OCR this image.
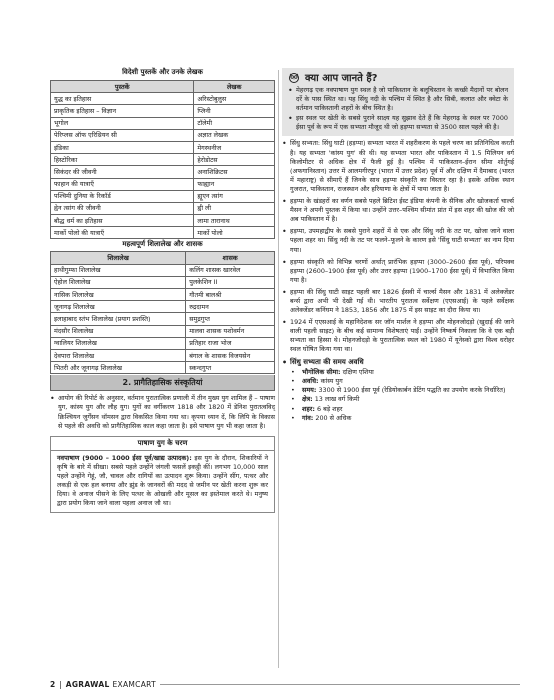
विदेशी पुस्तकें और उनके लेखक
पुस्तकें	लेखक
युद्ध का इतिहास	अरिस्टोबुलुस
प्राकृतिक इतिहास – विज्ञान	प्लिनी
भूगोल	टॉलेमी
पेरिप्लस ऑफ एरिथ्रियन सी	अज्ञात लेखक
इंडिका	मेगस्थनीज
हिस्टोरिका	हेरोडोटस
सिकंदर की जीवनी	अनाशिक्रिटस
फाहान की यात्राएँ	फाह्यान
पश्चिमी दुनिया के रिकॉर्ड	ह्यूएन त्सांग
ह्वेन त्सांग की जीवनी	ह्वी ली
बौद्ध धर्म का इतिहास	लामा तारानाथ
मार्को पोलो की यात्राएँ	मार्को पोलो
महत्वपूर्ण शिलालेख और शासक
शिलालेख	शासक
हाथीगुम्फा शिलालेख	कलिंग शासक खारवेल
ऐहोल शिलालेख	पुलकेशिन II
नासिक शिलालेख	गौतमी बालश्री
जूनागढ़ शिलालेख	रुद्रदामन
इलाहाबाद स्तंभ शिलालेख (प्रयाग प्रशस्ति)	समुद्रगुप्त
मंदसौर शिलालेख	मालवा शासक यशोवर्मन
ग्वालियर शिलालेख	प्रतिहार राजा भोज
देवपारा शिलालेख	बंगाल के शासक विजयसेन
भितरी और जूनागढ़ शिलालेख	स्कन्दगुप्त
2. प्रागैतिहासिक संस्कृतियां
• आयोग की रिपोर्ट के अनुसार, वर्तमान पुरातात्विक प्रणाली में तीन मुख्य युग शामिल हैं – पाषाण युग, कांस्य युग और लौह युग। युगों का वर्गीकरण 1818 और 1820 में डेनिश पुरातत्वविद् क्रिश्चियन जुर्गेंसन थॉमसन द्वारा विकसित किया गया था। कृपया ध्यान दें, कि लिपि के विकास से पहले की अवधि को प्रागैतिहासिक काल कहा जाता है। इसे पाषाण युग भी कहा जाता है।
पाषाण युग के चरण

नवपाषाण (9000 – 1000 ईसा पूर्व/खाद्य उत्पादक): इस युग के दौरान, शिकारियों ने कृषि के बारे में सीखा। सबसे पहले उन्होंने जंगली फसलें इकट्ठी कीं। लगभग 10,000 साल पहले उन्होंने गेहूं, जौ, चावल और रागियों का उत्पादन शुरू किया। उन्होंने सींग, पत्थर और लकड़ी से एक हल बनाया और झुंड के जानवरों की मदद से जमीन पर खेती करना शुरू कर दिया। वे अनाज पीसने के लिए पत्थर के ओखली और मूसल का इस्तेमाल करते थे। मनुष्य द्वारा प्रयोग किया जाने वाला पहला अनाज जौ था।

क्या आप जानते हैं?
• मेहरगढ़ एक नवपाषाण युग स्थल है जो पाकिस्तान के बलूचिस्तान के कच्छी मैदानों पर बोलन दर्रे के पास स्थित था। यह सिंधु नदी के पश्चिम में स्थित है और सिबी, कलात और क्वेटा के वर्तमान पाकिस्तानी शहरों के बीच स्थित है।
• इस स्थल पर खेती के सबसे पुराने साक्ष्य यह सुझाव देते हैं कि मेहरगढ़ के स्थल पर 7000 ईसा पूर्व के रूप में एक सभ्यता मौजूद थी जो हड़प्पा सभ्यता से 3500 साल पहले की है।
• सिंधु सभ्यता: सिंधु घाटी (हड़प्पा) सभ्यता भारत में शहरीकरण के पहले चरण का प्रतिनिधित्व करती है। यह सभ्यता 'कांस्य युग' की थी। यह सभ्यता भारत और पाकिस्तान में 1.5 मिलियन वर्ग किलोमीटर से अधिक क्षेत्र में फैली हुई है। पश्चिम में पाकिस्तान–ईरान सीमा शोर्तुगई (अफगानिस्तान) उत्तर में आलमगीरपुर (भारत में उत्तर प्रदेश) पूर्व में और दक्षिण में दैमाबाद (भारत में महाराष्ट्र) से सीमाएँ हैं जिनके साथ हड़प्पा संस्कृति का विस्तार रहा है। इसके अधिक स्थान गुजरात, पाकिस्तान, राजस्थान और हरियाणा के क्षेत्रों में पाया जाता है।
• हड़प्पा के खंडहरों का वर्णन सबसे पहले ब्रिटिश ईस्ट इंडिया कंपनी के सैनिक और खोजकर्ता चार्ल्स मैसन ने अपनी पुस्तक में किया था। उन्होंने उत्तर–पश्चिम सीमांत प्रांत में इस शहर की खोज की जो अब पाकिस्तान में है।
• हड़प्पा, उपमहाद्वीप के सबसे पुराने शहरों में से एक और सिंधु नदी के तट पर, खोजा जाने वाला पहला शहर था। सिंधु नदी के तट पर फलने–फूलने के कारण इसे 'सिंधु घाटी सभ्यता' का नाम दिया गया।
• हड़प्पा संस्कृति को विभिन्न चरणों अर्थात् प्रारंभिक हड़प्पा (3000–2600 ईसा पूर्व), परिपक्व हड़प्पा (2600–1900 ईसा पूर्व) और उत्तर हड़प्पा (1900–1700 ईसा पूर्व) में विभाजित किया गया है।
• हड़प्पा की सिंधु घाटी साइट पहली बार 1826 ईसवी में चार्ल्स मैसन और 1831 में अलेक्जेंडर बर्न्स द्वारा अभी भी देखी गई थी। भारतीय पुरातत्व सर्वेक्षण (एएसआई) के पहले सर्वेक्षक अलेक्जेंडर कनिंघम ने 1853, 1856 और 1875 में इस साइट का दौरा किया था।
• 1924 में एएसआई के महानिदेशक सर जॉन मार्शल ने हड़प्पा और मोहनजोदड़ो (खुदाई की जाने वाली पहली साइट) के बीच कई सामान्य विशेषताएं पाईं। उन्होंने निष्कर्ष निकाला कि वे एक बड़ी सभ्यता का हिस्सा थे। मोहनजोदड़ो के पुरातात्विक स्थल को 1980 में यूनेस्को द्वारा विश्व धरोहर स्थल घोषित किया गया था।
• सिंधु सभ्यता की समय अवधि
• भौगोलिक सीमा: दक्षिण एशिया
• अवधि: कांस्य युग
• समय: 3300 से 1900 ईसा पूर्व (रेडियोकार्बन डेटिंग पद्धति का उपयोग करके निर्धारित)
• क्षेत्र: 13 लाख वर्ग किमी
• शहर: 6 बड़े शहर
• गांव: 200 से अधिक
2 | AGRAWAL EXAMCART
